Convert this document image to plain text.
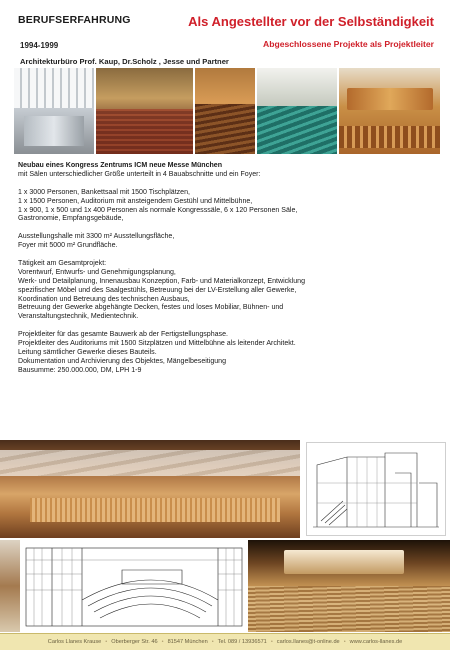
BERUFSERFAHRUNG	Als Angestellter vor der Selbständigkeit
1994-1999	Abgeschlossene Projekte als Projektleiter
Architekturbüro Prof. Kaup, Dr.Scholz , Jesse und Partner

Neubau eines Kongress Zentrums ICM neue Messe München

mit Sälen unterschiedlicher Größe unterteilt in 4 Bauabschnitte und ein Foyer:

1 x 3000 Personen, Bankettsaal mit 1500 Tischplätzen,

1 x 1500 Personen, Auditorium mit ansteigendem Gestühl und Mittelbühne,

1 x 900, 1 x 500 und 1x 400 Personen als normale Kongresssäle, 6 x 120 Personen Säle,

Gastronomie, Empfangsgebäude,

Ausstellungshalle mit 3300 m² Ausstellungsfläche,

Foyer mit 5000 m² Grundfläche.

Tätigkeit am Gesamtprojekt:

Vorentwurf, Entwurfs- und Genehmigungsplanung,

Werk- und Detailplanung, Innenausbau Konzeption, Farb- und Materialkonzept, Entwicklung

spezifischer Möbel und des Saalgestühls, Betreuung bei der LV-Erstellung aller Gewerke,

Koordination und Betreuung des technischen Ausbaus,

Betreuung der Gewerke abgehängte Decken, festes und loses Mobiliar, Bühnen- und

Veranstaltungstechnik, Medientechnik.

Projektleiter für das gesamte Bauwerk ab der Fertigstellungsphase.

Projektleiter des Auditoriums mit 1500 Sitzplätzen und Mittelbühne als leitender Architekt.

Leitung sämtlicher Gewerke dieses Bauteils.

Dokumentation und Archivierung des Objektes, Mängelbeseitigung

Bausumme: 250.000.000, DM, LPH 1-9

Carlos Llanes Krause • Oberberger Str. 46 • 81547 München • Tel. 089 / 13936571 • carlos.llanes@t-online.de • www.carlos-llanes.de
